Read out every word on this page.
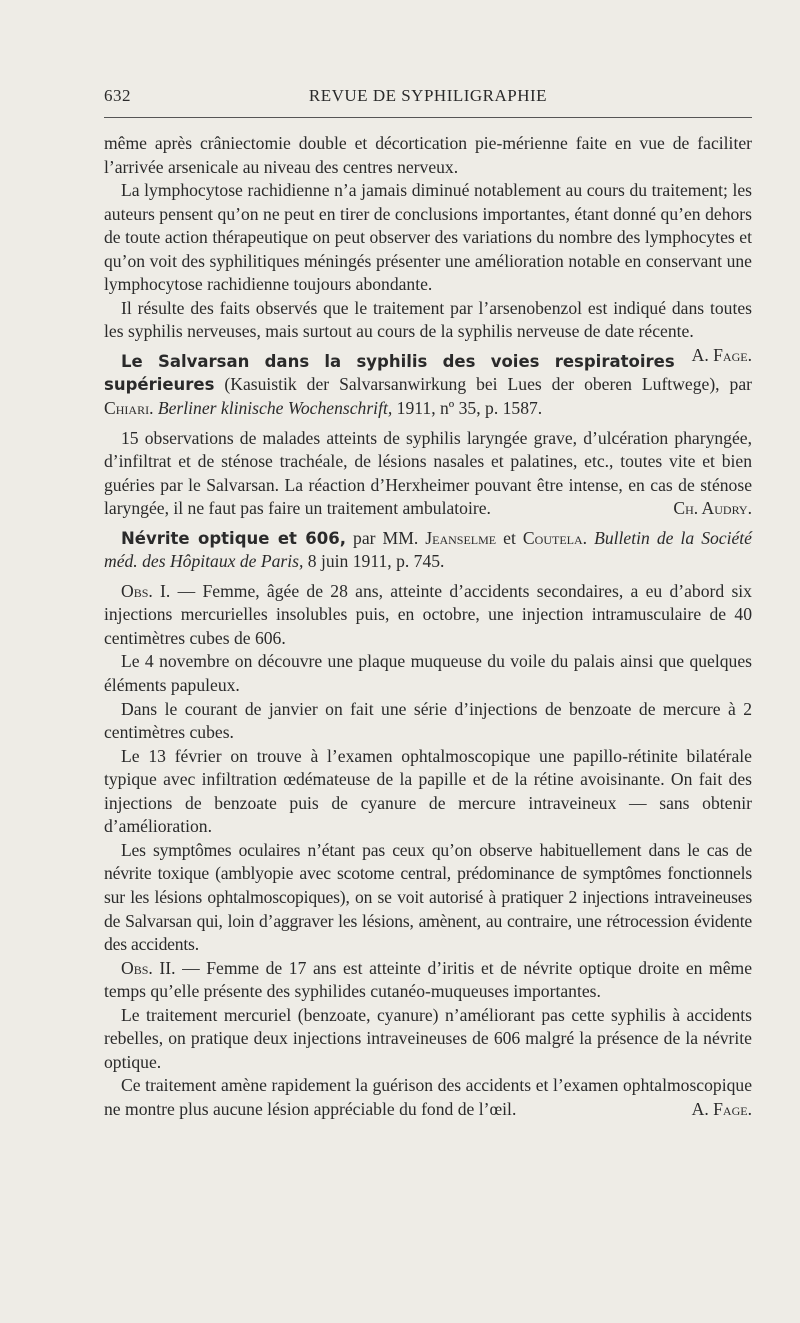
632	REVUE DE SYPHILIGRAPHIE

même après crâniectomie double et décortication pie-mérienne faite en vue de faciliter l’arrivée arsenicale au niveau des centres nerveux.

La lymphocytose rachidienne n’a jamais diminué notablement au cours du traitement; les auteurs pensent qu’on ne peut en tirer de conclusions importantes, étant donné qu’en dehors de toute action thérapeutique on peut observer des variations du nombre des lymphocytes et qu’on voit des syphilitiques méningés présenter une amélioration notable en conservant une lymphocytose rachidienne toujours abondante.

Il résulte des faits observés que le traitement par l’arsenobenzol est indiqué dans toutes les syphilis nerveuses, mais surtout au cours de la syphilis nerveuse de date récente.
A. Fage.

Le Salvarsan dans la syphilis des voies respiratoires supérieures (Kasuistik der Salvarsanwirkung bei Lues der oberen Luftwege), par Chiari. Berliner klinische Wochenschrift, 1911, nº 35, p. 1587.

15 observations de malades atteints de syphilis laryngée grave, d’ulcération pharyngée, d’infiltrat et de sténose trachéale, de lésions nasales et palatines, etc., toutes vite et bien guéries par le Salvarsan. La réaction d’Herxheimer pouvant être intense, en cas de sténose laryngée, il ne faut pas faire un traitement ambulatoire.	Ch. Audry.

Névrite optique et 606, par MM. Jeanselme et Coutela. Bulletin de la Société méd. des Hôpitaux de Paris, 8 juin 1911, p. 745.

Obs. I. — Femme, âgée de 28 ans, atteinte d’accidents secondaires, a eu d’abord six injections mercurielles insolubles puis, en octobre, une injection intramusculaire de 40 centimètres cubes de 606.

Le 4 novembre on découvre une plaque muqueuse du voile du palais ainsi que quelques éléments papuleux.

Dans le courant de janvier on fait une série d’injections de benzoate de mercure à 2 centimètres cubes.

Le 13 février on trouve à l’examen ophtalmoscopique une papillo-rétinite bilatérale typique avec infiltration œdémateuse de la papille et de la rétine avoisinante. On fait des injections de benzoate puis de cyanure de mercure intraveineux — sans obtenir d’amélioration.

Les symptômes oculaires n’étant pas ceux qu’on observe habituellement dans le cas de névrite toxique (amblyopie avec scotome central, prédominance de symptômes fonctionnels sur les lésions ophtalmoscopiques), on se voit autorisé à pratiquer 2 injections intraveineuses de Salvarsan qui, loin d’aggraver les lésions, amènent, au contraire, une rétrocession évidente des accidents.

Obs. II. — Femme de 17 ans est atteinte d’iritis et de névrite optique droite en même temps qu’elle présente des syphilides cutanéo-muqueuses importantes.

Le traitement mercuriel (benzoate, cyanure) n’améliorant pas cette syphilis à accidents rebelles, on pratique deux injections intraveineuses de 606 malgré la présence de la névrite optique.

Ce traitement amène rapidement la guérison des accidents et l’examen ophtalmoscopique ne montre plus aucune lésion appréciable du fond de l’œil.	A. Fage.
